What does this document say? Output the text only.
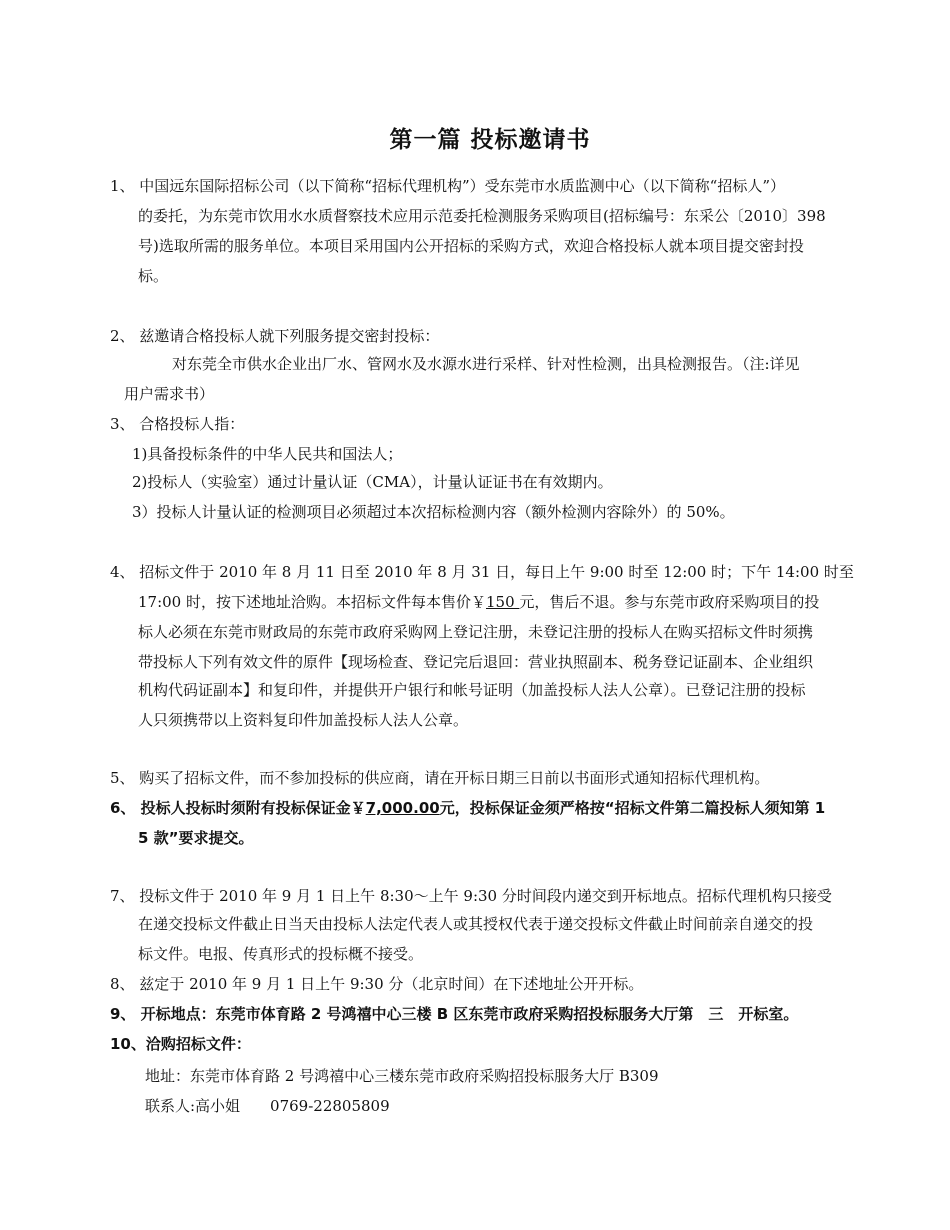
第一篇 投标邀请书
1、 中国远东国际招标公司（以下简称“招标代理机构”）受东莞市水质监测中心（以下简称“招标人”）
的委托，为东莞市饮用水水质督察技术应用示范委托检测服务采购项目(招标编号：东采公〔2010〕398
号)选取所需的服务单位。本项目采用国内公开招标的采购方式，欢迎合格投标人就本项目提交密封投
标。
2、 兹邀请合格投标人就下列服务提交密封投标：
对东莞全市供水企业出厂水、管网水及水源水进行采样、针对性检测，出具检测报告。（注:详见
用户需求书）
3、 合格投标人指：
1)具备投标条件的中华人民共和国法人；
2)投标人（实验室）通过计量认证（CMA），计量认证证书在有效期内。
3）投标人计量认证的检测项目必须超过本次招标检测内容（额外检测内容除外）的 50%。
4、 招标文件于 2010 年 8 月 11 日至 2010 年 8 月 31 日，每日上午 9:00 时至 12:00 时；下午 14:00 时至
17:00 时，按下述地址洽购。本招标文件每本售价￥150 元，售后不退。参与东莞市政府采购项目的投
标人必须在东莞市财政局的东莞市政府采购网上登记注册，未登记注册的投标人在购买招标文件时须携
带投标人下列有效文件的原件【现场检查、登记完后退回：营业执照副本、税务登记证副本、企业组织
机构代码证副本】和复印件，并提供开户银行和帐号证明（加盖投标人法人公章）。已登记注册的投标
人只须携带以上资料复印件加盖投标人法人公章。
5、 购买了招标文件，而不参加投标的供应商，请在开标日期三日前以书面形式通知招标代理机构。
6、 投标人投标时须附有投标保证金￥7,000.00元，投标保证金须严格按“招标文件第二篇投标人须知第 1
5 款”要求提交。
7、 投标文件于 2010 年 9 月 1 日上午 8:30～上午 9:30 分时间段内递交到开标地点。招标代理机构只接受
在递交投标文件截止日当天由投标人法定代表人或其授权代表于递交投标文件截止时间前亲自递交的投
标文件。电报、传真形式的投标概不接受。
8、 兹定于 2010 年 9 月 1 日上午 9:30 分（北京时间）在下述地址公开开标。
9、 开标地点：东莞市体育路 2 号鸿禧中心三楼 B 区东莞市政府采购招投标服务大厅第　三　开标室。
10、洽购招标文件：
地址：东莞市体育路 2 号鸿禧中心三楼东莞市政府采购招投标服务大厅 B309
联系人:高小姐　　0769-22805809
